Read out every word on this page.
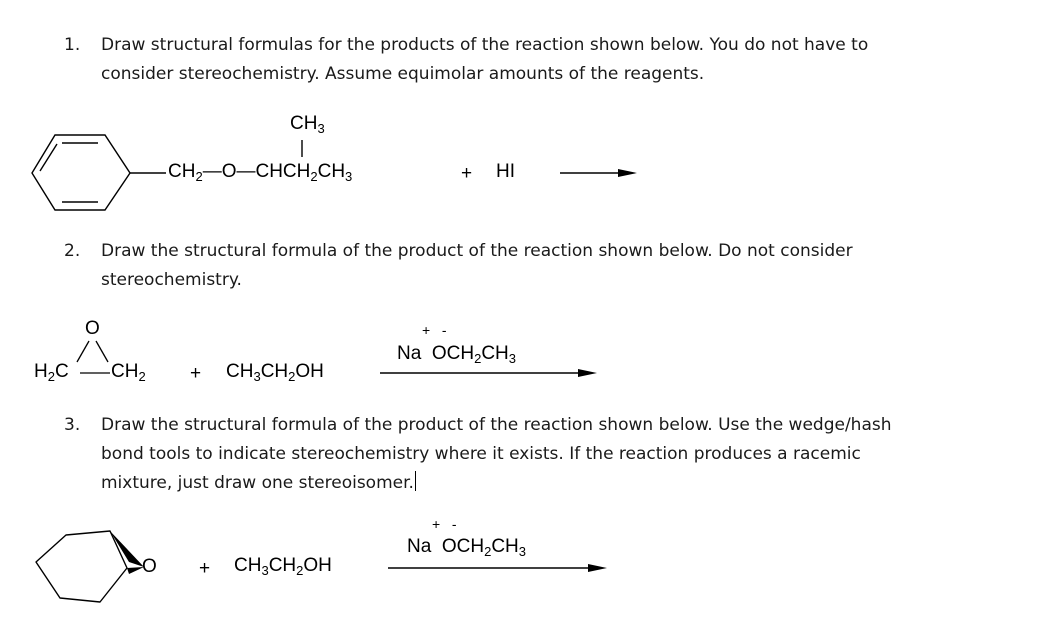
1. Draw structural formulas for the products of the reaction shown below. You do not have to
consider stereochemistry. Assume equimolar amounts of the reagents.
$CH_3$
$CH_2—O—CHCH_2CH_3$	+ HI
2. Draw the structural formula of the product of the reaction shown below. Do not consider
stereochemistry.
O
$H_2C$ $CH_2 + CH_3CH_2OH$
+   -
Na  $OCH_2CH_3$
3. Draw the structural formula of the product of the reaction shown below. Use the wedge/hash
bond tools to indicate stereochemistry where it exists. If the reaction produces a racemic
mixture, just draw one stereoisomer.
$O + CH_3CH_2OH$
+   -
Na  $OCH_2CH_3$
